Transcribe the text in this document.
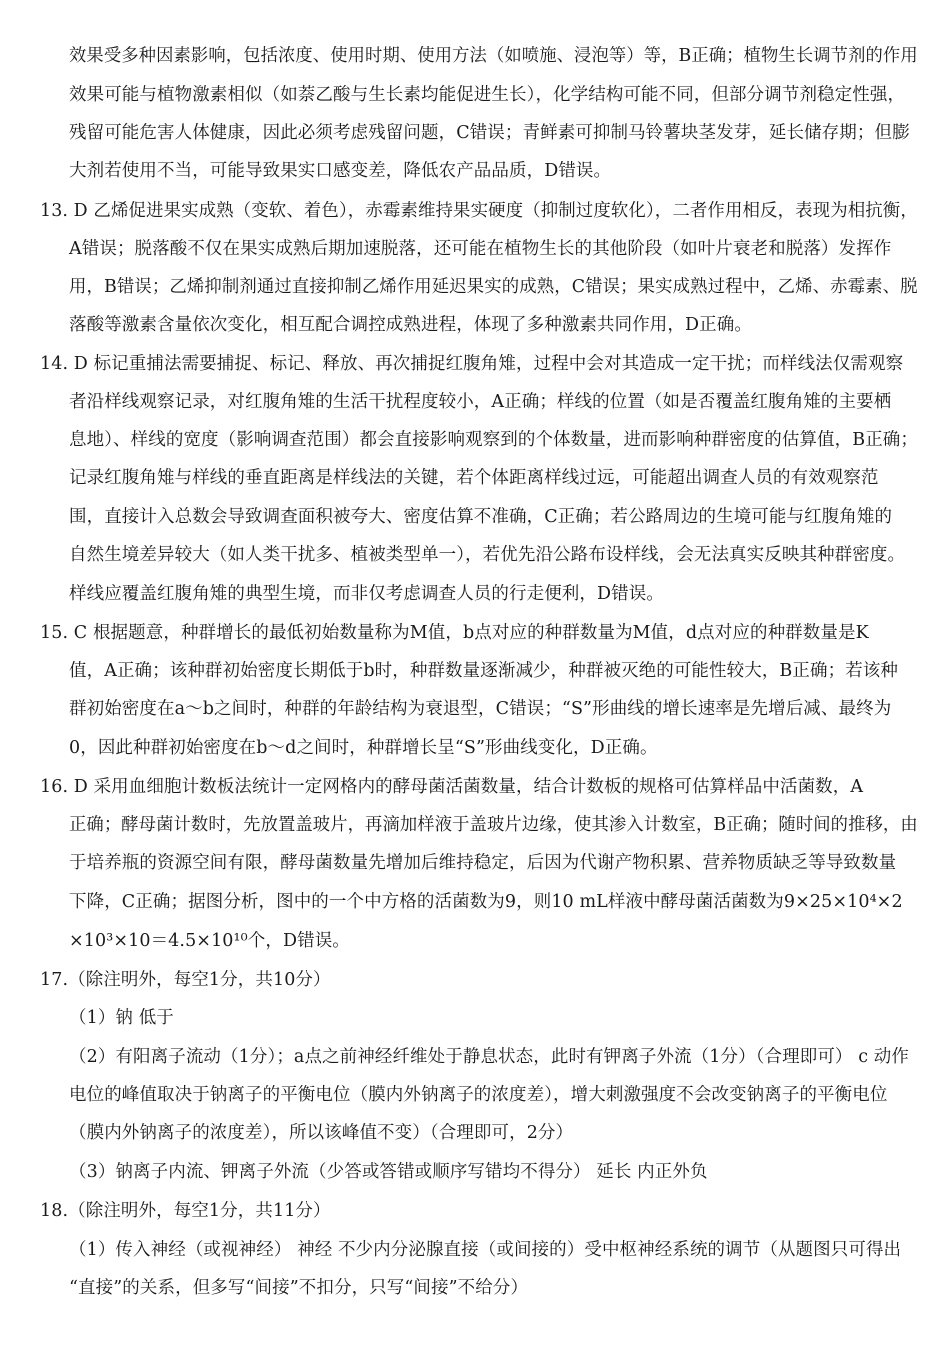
效果受多种因素影响，包括浓度、使用时期、使用方法（如喷施、浸泡等）等，B正确；植物生长调节剂的作用
效果可能与植物激素相似（如萘乙酸与生长素均能促进生长），化学结构可能不同，但部分调节剂稳定性强，
残留可能危害人体健康，因此必须考虑残留问题，C错误；青鲜素可抑制马铃薯块茎发芽，延长储存期；但膨
大剂若使用不当，可能导致果实口感变差，降低农产品品质，D错误。
13. D 乙烯促进果实成熟（变软、着色），赤霉素维持果实硬度（抑制过度软化），二者作用相反，表现为相抗衡，
A错误；脱落酸不仅在果实成熟后期加速脱落，还可能在植物生长的其他阶段（如叶片衰老和脱落）发挥作
用，B错误；乙烯抑制剂通过直接抑制乙烯作用延迟果实的成熟，C错误；果实成熟过程中，乙烯、赤霉素、脱
落酸等激素含量依次变化，相互配合调控成熟进程，体现了多种激素共同作用，D正确。
14. D 标记重捕法需要捕捉、标记、释放、再次捕捉红腹角雉，过程中会对其造成一定干扰；而样线法仅需观察
者沿样线观察记录，对红腹角雉的生活干扰程度较小，A正确；样线的位置（如是否覆盖红腹角雉的主要栖
息地）、样线的宽度（影响调查范围）都会直接影响观察到的个体数量，进而影响种群密度的估算值，B正确；
记录红腹角雉与样线的垂直距离是样线法的关键，若个体距离样线过远，可能超出调查人员的有效观察范
围，直接计入总数会导致调查面积被夸大、密度估算不准确，C正确；若公路周边的生境可能与红腹角雉的
自然生境差异较大（如人类干扰多、植被类型单一），若优先沿公路布设样线，会无法真实反映其种群密度。
样线应覆盖红腹角雉的典型生境，而非仅考虑调查人员的行走便利，D错误。
15. C 根据题意，种群增长的最低初始数量称为M值，b点对应的种群数量为M值，d点对应的种群数量是K
值，A正确；该种群初始密度长期低于b时，种群数量逐渐减少，种群被灭绝的可能性较大，B正确；若该种
群初始密度在a～b之间时，种群的年龄结构为衰退型，C错误；“S”形曲线的增长速率是先增后减、最终为
0，因此种群初始密度在b～d之间时，种群增长呈“S”形曲线变化，D正确。
16. D 采用血细胞计数板法统计一定网格内的酵母菌活菌数量，结合计数板的规格可估算样品中活菌数，A
正确；酵母菌计数时，先放置盖玻片，再滴加样液于盖玻片边缘，使其渗入计数室，B正确；随时间的推移，由
于培养瓶的资源空间有限，酵母菌数量先增加后维持稳定，后因为代谢产物积累、营养物质缺乏等导致数量
下降，C正确；据图分析，图中的一个中方格的活菌数为9，则10 mL样液中酵母菌活菌数为9×25×10⁴×2
×10³×10＝4.5×10¹⁰个，D错误。
17.（除注明外，每空1分，共10分）
（1）钠 低于
（2）有阳离子流动（1分）；a点之前神经纤维处于静息状态，此时有钾离子外流（1分）（合理即可） c 动作
电位的峰值取决于钠离子的平衡电位（膜内外钠离子的浓度差），增大刺激强度不会改变钠离子的平衡电位
（膜内外钠离子的浓度差），所以该峰值不变）（合理即可，2分）
（3）钠离子内流、钾离子外流（少答或答错或顺序写错均不得分） 延长 内正外负
18.（除注明外，每空1分，共11分）
（1）传入神经（或视神经） 神经 不少内分泌腺直接（或间接的）受中枢神经系统的调节（从题图只可得出
“直接”的关系，但多写“间接”不扣分，只写“间接”不给分）
